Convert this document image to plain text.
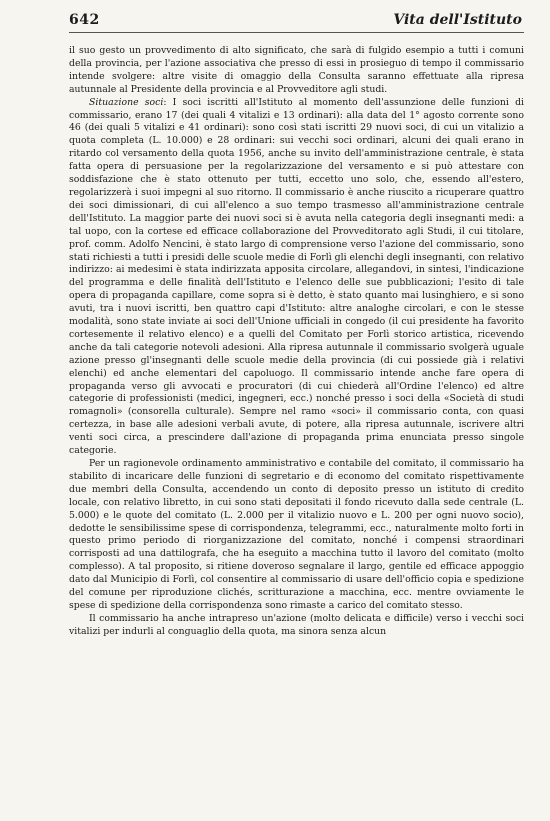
642	Vita dell'Istituto

il suo gesto un provvedimento di alto significato, che sarà di fulgido esempio a tutti i comuni della provincia, per l'azione associativa che presso di essi in prosieguo di tempo il commissario intende svolgere: altre visite di omaggio della Consulta saranno effettuate alla ripresa autunnale al Presidente della provincia e al Provveditore agli studi.

Situazione soci: I soci iscritti all'Istituto al momento dell'assunzione delle funzioni di commissario, erano 17 (dei quali 4 vitalizi e 13 ordinari): alla data del 1° agosto corrente sono 46 (dei quali 5 vitalizi e 41 ordinari): sono così stati iscritti 29 nuovi soci, di cui un vitalizio a quota completa (L. 10.000) e 28 ordinari: sui vecchi soci ordinari, alcuni dei quali erano in ritardo col versamento della quota 1956, anche su invito dell'amministrazione centrale, è stata fatta opera di persuasione per la regolarizzazione del versamento e si può attestare con soddisfazione che è stato ottenuto per tutti, eccetto uno solo, che, essendo all'estero, regolarizzerà i suoi impegni al suo ritorno. Il commissario è anche riuscito a ricuperare quattro dei soci dimissionari, di cui all'elenco a suo tempo trasmesso all'amministrazione centrale dell'Istituto. La maggior parte dei nuovi soci si è avuta nella categoria degli insegnanti medi: a tal uopo, con la cortese ed efficace collaborazione del Provveditorato agli Studi, il cui titolare, prof. comm. Adolfo Nencini, è stato largo di comprensione verso l'azione del commissario, sono stati richiesti a tutti i presidi delle scuole medie di Forlì gli elenchi degli insegnanti, con relativo indirizzo: ai medesimi è stata indirizzata apposita circolare, allegandovi, in sintesi, l'indicazione del programma e delle finalità dell'Istituto e l'elenco delle sue pubblicazioni; l'esito di tale opera di propaganda capillare, come sopra si è detto, è stato quanto mai lusinghiero, e si sono avuti, tra i nuovi iscritti, ben quattro capi d'Istituto: altre analoghe circolari, e con le stesse modalità, sono state inviate ai soci dell'Unione ufficiali in congedo (il cui presidente ha favorito cortesemente il relativo elenco) e a quelli del Comitato per Forlì storico artistica, ricevendo anche da tali categorie notevoli adesioni. Alla ripresa autunnale il commissario svolgerà uguale azione presso gl'insegnanti delle scuole medie della provincia (di cui possiede già i relativi elenchi) ed anche elementari del capoluogo. Il commissario intende anche fare opera di propaganda verso gli avvocati e procuratori (di cui chiederà all'Ordine l'elenco) ed altre categorie di professionisti (medici, ingegneri, ecc.) nonché presso i soci della «Società di studi romagnoli» (consorella culturale). Sempre nel ramo «soci» il commissario conta, con quasi certezza, in base alle adesioni verbali avute, di potere, alla ripresa autunnale, iscrivere altri venti soci circa, a prescindere dall'azione di propaganda prima enunciata presso singole categorie.

Per un ragionevole ordinamento amministrativo e contabile del comitato, il commissario ha stabilito di incaricare delle funzioni di segretario e di economo del comitato rispettivamente due membri della Consulta, accendendo un conto di deposito presso un istituto di credito locale, con relativo libretto, in cui sono stati depositati il fondo ricevuto dalla sede centrale (L. 5.000) e le quote del comitato (L. 2.000 per il vitalizio nuovo e L. 200 per ogni nuovo socio), dedotte le sensibilissime spese di corrispondenza, telegrammi, ecc., naturalmente molto forti in questo primo periodo di riorganizzazione del comitato, nonché i compensi straordinari corrisposti ad una dattilografa, che ha eseguito a macchina tutto il lavoro del comitato (molto complesso). A tal proposito, si ritiene doveroso segnalare il largo, gentile ed efficace appoggio dato dal Municipio di Forlì, col consentire al commissario di usare dell'officio copia e spedizione del comune per riproduzione clichés, scritturazione a macchina, ecc. mentre ovviamente le spese di spedizione della corrispondenza sono rimaste a carico del comitato stesso.

Il commissario ha anche intrapreso un'azione (molto delicata e difficile) verso i vecchi soci vitalizi per indurli al conguaglio della quota, ma sinora senza alcun
